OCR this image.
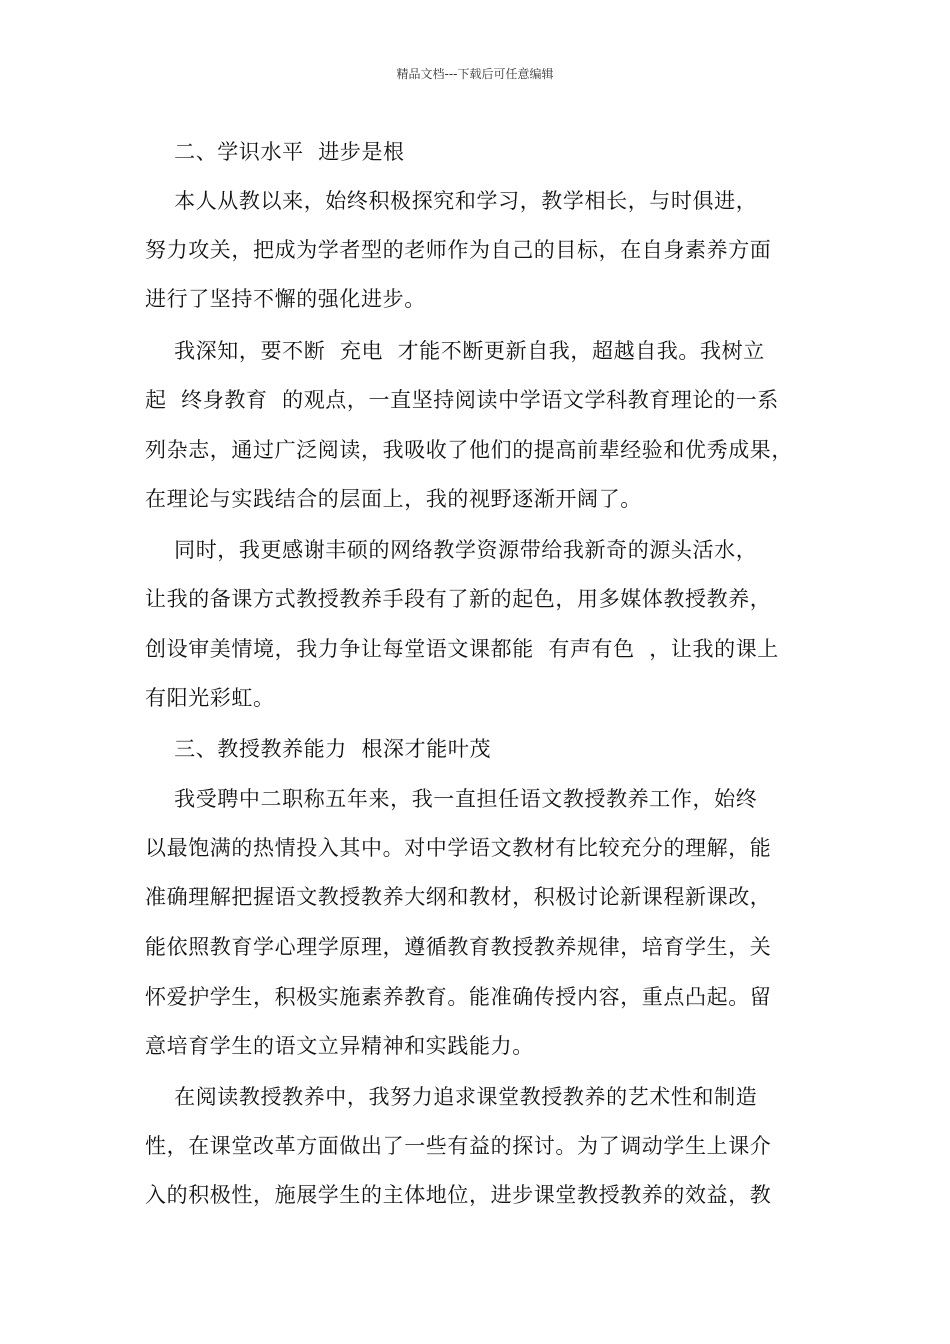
精品文档---下载后可任意编辑
二、学识水平  进步是根
本人从教以来，始终积极探究和学习，教学相长，与时俱进，
努力攻关，把成为学者型的老师作为自己的目标，在自身素养方面
进行了坚持不懈的强化进步。
我深知，要不断  充电  才能不断更新自我，超越自我。我树立
起  终身教育  的观点，一直坚持阅读中学语文学科教育理论的一系
列杂志，通过广泛阅读，我吸收了他们的提高前辈经验和优秀成果，
在理论与实践结合的层面上，我的视野逐渐开阔了。
同时，我更感谢丰硕的网络教学资源带给我新奇的源头活水，
让我的备课方式教授教养手段有了新的起色，用多媒体教授教养，
创设审美情境，我力争让每堂语文课都能  有声有色  ，让我的课上
有阳光彩虹。
三、教授教养能力  根深才能叶茂
我受聘中二职称五年来，我一直担任语文教授教养工作，始终
以最饱满的热情投入其中。对中学语文教材有比较充分的理解，能
准确理解把握语文教授教养大纲和教材，积极讨论新课程新课改，
能依照教育学心理学原理，遵循教育教授教养规律，培育学生，关
怀爱护学生，积极实施素养教育。能准确传授内容，重点凸起。留
意培育学生的语文立异精神和实践能力。
在阅读教授教养中，我努力追求课堂教授教养的艺术性和制造
性，在课堂改革方面做出了一些有益的探讨。为了调动学生上课介
入的积极性，施展学生的主体地位，进步课堂教授教养的效益，教
